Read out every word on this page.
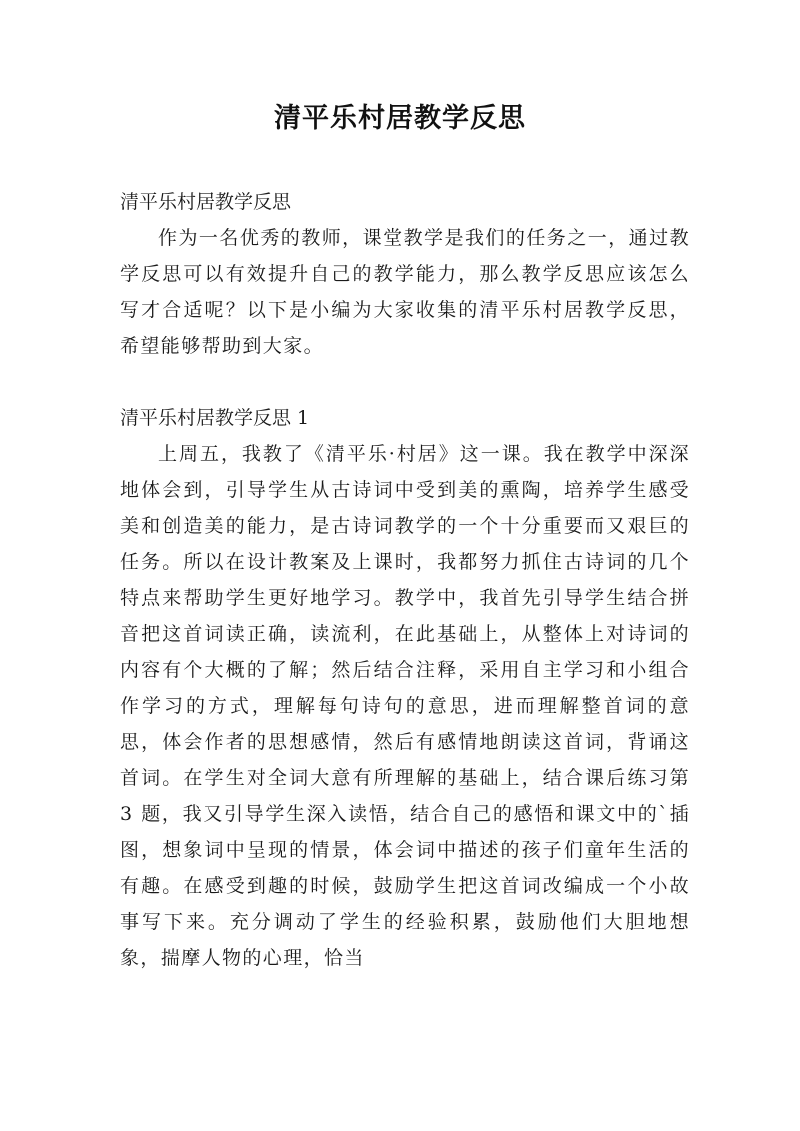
清平乐村居教学反思

清平乐村居教学反思

作为一名优秀的教师，课堂教学是我们的任务之一，通过教学反思可以有效提升自己的教学能力，那么教学反思应该怎么写才合适呢？以下是小编为大家收集的清平乐村居教学反思，希望能够帮助到大家。

清平乐村居教学反思 1

上周五，我教了《清平乐·村居》这一课。我在教学中深深地体会到，引导学生从古诗词中受到美的熏陶，培养学生感受美和创造美的能力，是古诗词教学的一个十分重要而又艰巨的任务。所以在设计教案及上课时，我都努力抓住古诗词的几个特点来帮助学生更好地学习。教学中，我首先引导学生结合拼音把这首词读正确，读流利，在此基础上，从整体上对诗词的内容有个大概的了解；然后结合注释，采用自主学习和小组合作学习的方式，理解每句诗句的意思，进而理解整首词的意思，体会作者的思想感情，然后有感情地朗读这首词，背诵这首词。在学生对全词大意有所理解的基础上，结合课后练习第 3 题，我又引导学生深入读悟，结合自己的感悟和课文中的`插图，想象词中呈现的情景，体会词中描述的孩子们童年生活的有趣。在感受到趣的时候，鼓励学生把这首词改编成一个小故事写下来。充分调动了学生的经验积累，鼓励他们大胆地想象，揣摩人物的心理，恰当
